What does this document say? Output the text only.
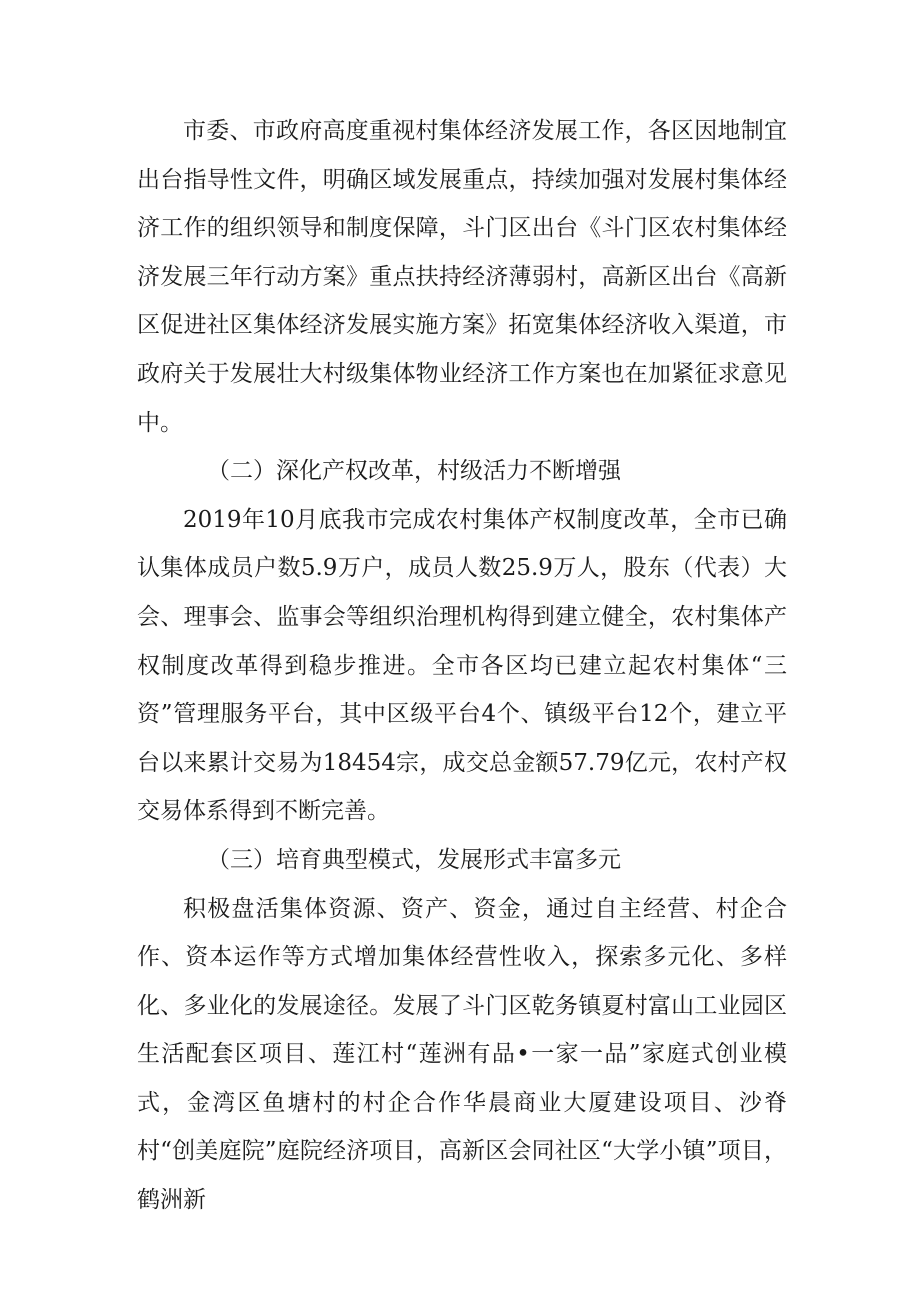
市委、市政府高度重视村集体经济发展工作，各区因地制宜出台指导性文件，明确区域发展重点，持续加强对发展村集体经济工作的组织领导和制度保障，斗门区出台《斗门区农村集体经济发展三年行动方案》重点扶持经济薄弱村，高新区出台《高新区促进社区集体经济发展实施方案》拓宽集体经济收入渠道，市政府关于发展壮大村级集体物业经济工作方案也在加紧征求意见中。

（二）深化产权改革，村级活力不断增强

2019年10月底我市完成农村集体产权制度改革，全市已确认集体成员户数5.9万户，成员人数25.9万人，股东（代表）大会、理事会、监事会等组织治理机构得到建立健全，农村集体产权制度改革得到稳步推进。全市各区均已建立起农村集体“三资”管理服务平台，其中区级平台4个、镇级平台12个，建立平台以来累计交易为18454宗，成交总金额57.79亿元，农村产权交易体系得到不断完善。

（三）培育典型模式，发展形式丰富多元

积极盘活集体资源、资产、资金，通过自主经营、村企合作、资本运作等方式增加集体经营性收入，探索多元化、多样化、多业化的发展途径。发展了斗门区乾务镇夏村富山工业园区生活配套区项目、莲江村“莲洲有品•一家一品”家庭式创业模式，金湾区鱼塘村的村企合作华晨商业大厦建设项目、沙脊村“创美庭院”庭院经济项目，高新区会同社区“大学小镇”项目，鹤洲新
